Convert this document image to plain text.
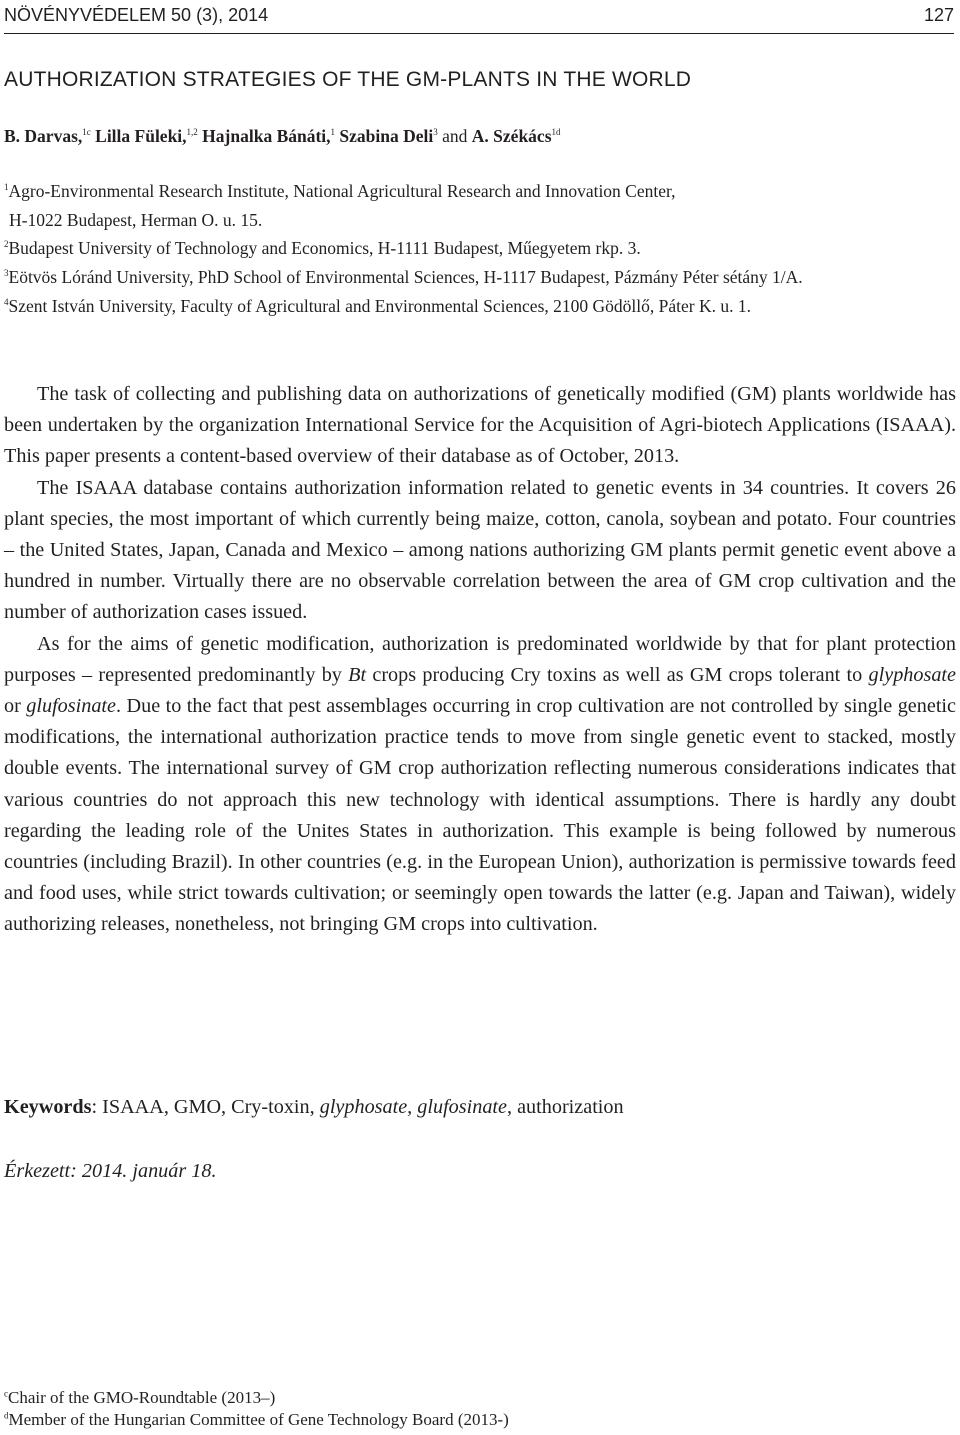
NÖVÉNYVÉDELEM 50 (3), 2014	127
AUTHORIZATION STRATEGIES OF THE GM-PLANTS IN THE WORLD
B. Darvas,$^{1c}$ Lilla Füleki,$^{1,2}$ Hajnalka Bánáti,$^1$ Szabina Deli$^3$ and A. Székács$^{1d}$
$^1$Agro-Environmental Research Institute, National Agricultural Research and Innovation Center,
H-1022 Budapest, Herman O. u. 15.
$^2$Budapest University of Technology and Economics, H-1111 Budapest, Műegyetem rkp. 3.
$^3$Eötvös Lóránd University, PhD School of Environmental Sciences, H-1117 Budapest, Pázmány Péter sétány 1/A.
$^4$Szent István University, Faculty of Agricultural and Environmental Sciences, 2100 Gödöllő, Páter K. u. 1.

The task of collecting and publishing data on authorizations of genetically modified (GM) plants worldwide has been undertaken by the organization International Service for the Acquisition of Agri-biotech Applications (ISAAA). This paper presents a content-based overview of their database as of October, 2013.

The ISAAA database contains authorization information related to genetic events in 34 countries. It covers 26 plant species, the most important of which currently being maize, cotton, canola, soybean and potato. Four countries – the United States, Japan, Canada and Mexico – among nations authorizing GM plants permit genetic event above a hundred in number. Virtually there are no observable correlation between the area of GM crop cultivation and the number of authorization cases issued.

As for the aims of genetic modification, authorization is predominated worldwide by that for plant protection purposes – represented predominantly by Bt crops producing Cry toxins as well as GM crops tolerant to glyphosate or glufosinate. Due to the fact that pest assemblages occurring in crop cultivation are not controlled by single genetic modifications, the international authorization practice tends to move from single genetic event to stacked, mostly double events. The international survey of GM crop authorization reflecting numerous considerations indicates that various countries do not approach this new technology with identical assumptions. There is hardly any doubt regarding the leading role of the Unites States in authorization. This example is being followed by numerous countries (including Brazil). In other countries (e.g. in the European Union), authorization is permissive towards feed and food uses, while strict towards cultivation; or seemingly open towards the latter (e.g. Japan and Taiwan), widely authorizing releases, nonetheless, not bringing GM crops into cultivation.

Keywords: ISAAA, GMO, Cry-toxin, glyphosate, glufosinate, authorization
Érkezett: 2014. január 18.
$^c$Chair of the GMO-Roundtable (2013–)
$^d$Member of the Hungarian Committee of Gene Technology Board (2013-)
